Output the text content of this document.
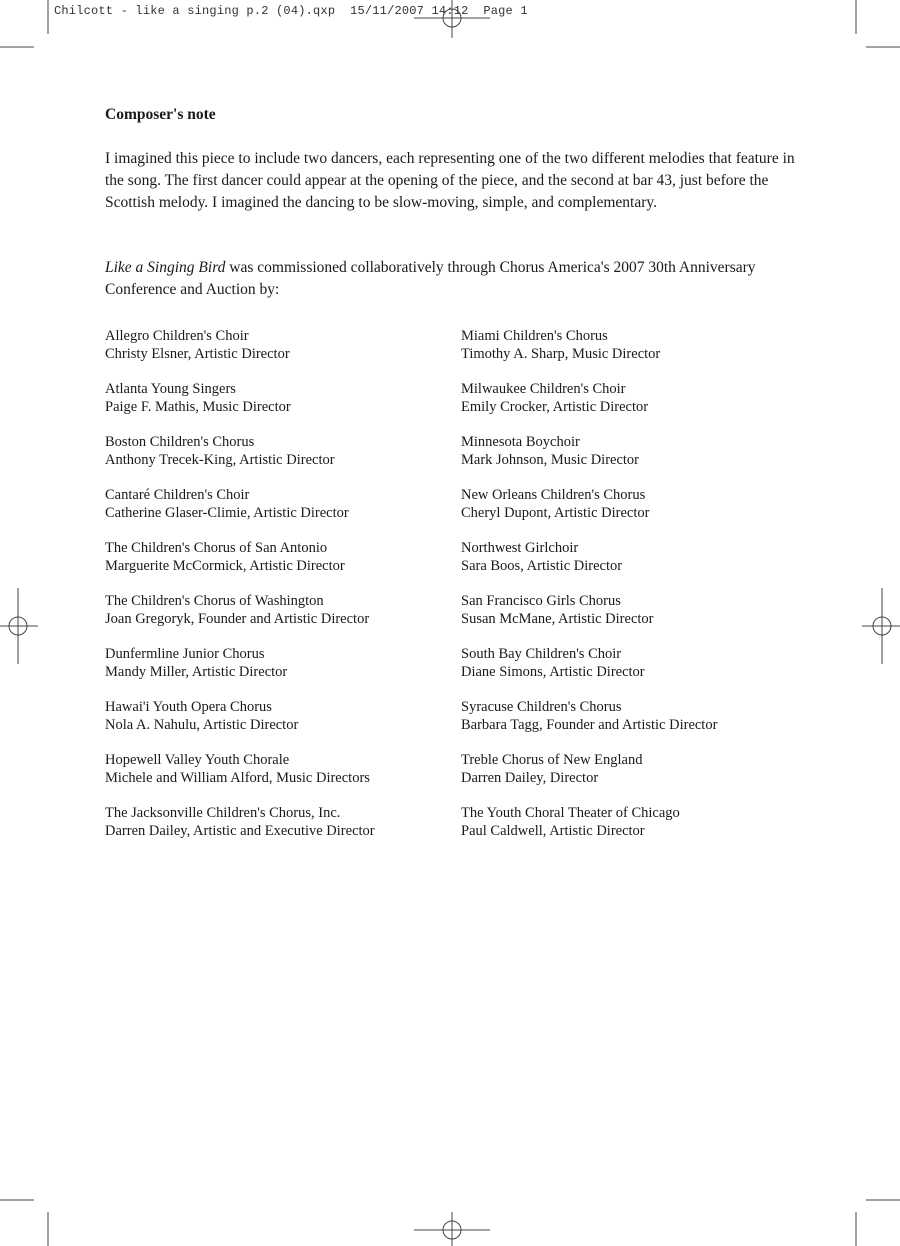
Chilcott - like a singing p.2 (04).qxp 15/11/2007 14:12 Page 1
Composer's note

I imagined this piece to include two dancers, each representing one of the two different melodies that feature in the song. The first dancer could appear at the opening of the piece, and the second at bar 43, just before the Scottish melody. I imagined the dancing to be slow-moving, simple, and complementary.

Like a Singing Bird was commissioned collaboratively through Chorus America's 2007 30th Anniversary Conference and Auction by:

Allegro Children's Choir
Christy Elsner, Artistic Director
Miami Children's Chorus
Timothy A. Sharp, Music Director
Atlanta Young Singers
Paige F. Mathis, Music Director
Milwaukee Children's Choir
Emily Crocker, Artistic Director
Boston Children's Chorus
Anthony Trecek-King, Artistic Director
Minnesota Boychoir
Mark Johnson, Music Director
Cantaré Children's Choir
Catherine Glaser-Climie, Artistic Director
New Orleans Children's Chorus
Cheryl Dupont, Artistic Director
The Children's Chorus of San Antonio
Marguerite McCormick, Artistic Director
Northwest Girlchoir
Sara Boos, Artistic Director
The Children's Chorus of Washington
Joan Gregoryk, Founder and Artistic Director
San Francisco Girls Chorus
Susan McMane, Artistic Director
Dunfermline Junior Chorus
Mandy Miller, Artistic Director
South Bay Children's Choir
Diane Simons, Artistic Director
Hawai'i Youth Opera Chorus
Nola A. Nahulu, Artistic Director
Syracuse Children's Chorus
Barbara Tagg, Founder and Artistic Director
Hopewell Valley Youth Chorale
Michele and William Alford, Music Directors
Treble Chorus of New England
Darren Dailey, Director
The Jacksonville Children's Chorus, Inc.
Darren Dailey, Artistic and Executive Director
The Youth Choral Theater of Chicago
Paul Caldwell, Artistic Director
